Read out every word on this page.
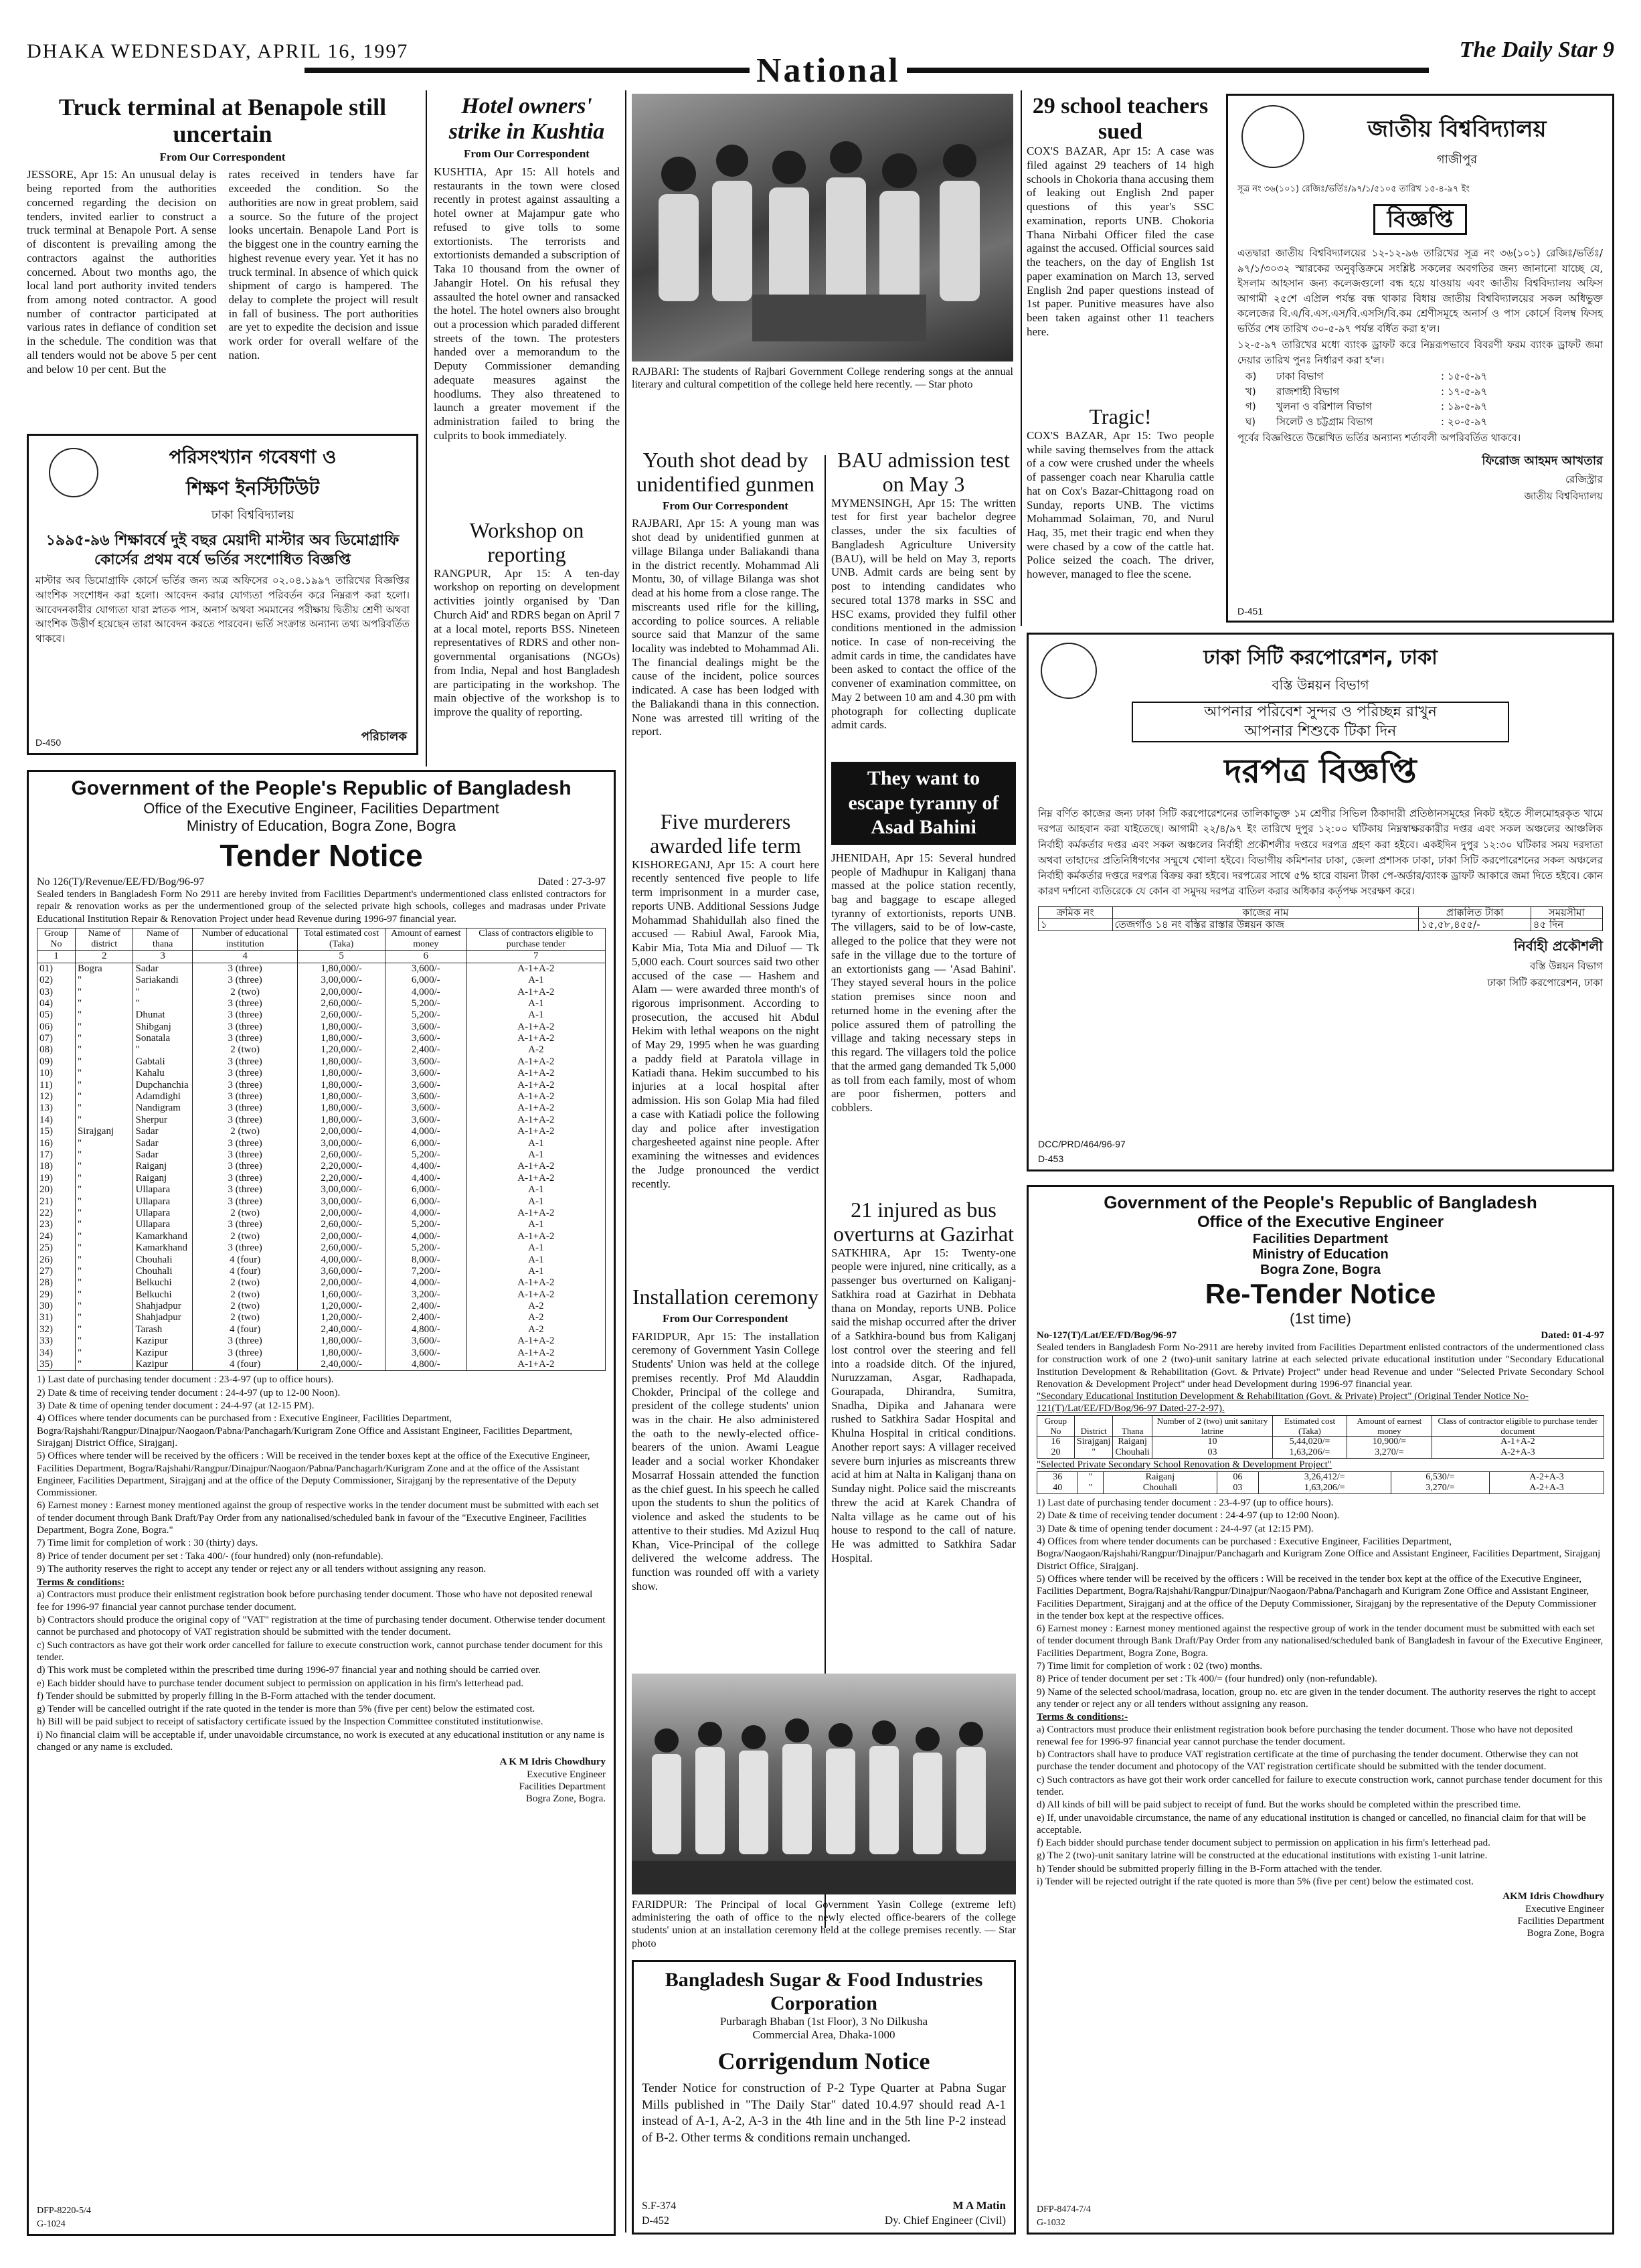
DHAKA WEDNESDAY, APRIL 16, 1997
National
The Daily Star 9
Truck terminal at Benapole still uncertain
From Our Correspondent
JESSORE, Apr 15: An unusual delay is being reported from the authorities concerned regarding the decision on tenders, invited earlier to construct a truck terminal at Benapole Port. A sense of discontent is prevailing among the contractors against the authorities concerned. About two months ago, the local land port authority invited tenders from among noted contractor. A good number of contractor participated at various rates in defiance of condition set in the schedule. The condition was that all tenders would not be above 5 per cent and below 10 per cent. But the
rates received in tenders have far exceeded the condition. So the authorities are now in great problem, said a source. So the future of the project looks uncertain. Benapole Land Port is the biggest one in the country earning the highest revenue every year. Yet it has no truck terminal. In absence of which quick shipment of cargo is hampered. The delay to complete the project will result in fall of business. The port authorities are yet to expedite the decision and issue work order for overall welfare of the nation.
Hotel owners' strike in Kushtia
From Our Correspondent
KUSHTIA, Apr 15: All hotels and restaurants in the town were closed recently in protest against assaulting a hotel owner at Majampur gate who refused to give tolls to some extortionists. The terrorists and extortionists demanded a subscription of Taka 10 thousand from the owner of Jahangir Hotel. On his refusal they assaulted the hotel owner and ransacked the hotel. The hotel owners also brought out a procession which paraded different streets of the town. The protesters handed over a memorandum to the Deputy Commissioner demanding adequate measures against the hoodlums. They also threatened to launch a greater movement if the administration failed to bring the culprits to book immediately.
Workshop on reporting
RANGPUR, Apr 15: A ten-day workshop on reporting on development activities jointly organised by 'Dan Church Aid' and RDRS began on April 7 at a local motel, reports BSS. Nineteen representatives of RDRS and other non-governmental organisations (NGOs) from India, Nepal and host Bangladesh are participating in the workshop. The main objective of the workshop is to improve the quality of reporting.
পরিসংখ্যান গবেষণা ও
শিক্ষণ ইনস্টিটিউট
ঢাকা বিশ্ববিদ্যালয়
১৯৯৫-৯৬ শিক্ষাবর্ষে দুই বছর মেয়াদী মাস্টার অব ডিমোগ্রাফি কোর্সের প্রথম বর্ষে ভর্তির সংশোধিত বিজ্ঞপ্তি
মাস্টার অব ডিমোগ্রাফি কোর্সে ভর্তির জন্য অত্র অফিসের ০২.০৪.১৯৯৭ তারিখের বিজ্ঞপ্তির আংশিক সংশোধন করা হলো। আবেদন করার যোগ্যতা পরিবর্তন করে নিম্নরূপ করা হলো। আবেদনকারীর যোগ্যতা যারা স্নাতক পাস, অনার্স অথবা সমমানের পরীক্ষায় দ্বিতীয় শ্রেণী অথবা আংশিক উত্তীর্ণ হয়েছেন তারা আবেদন করতে পারবেন। ভর্তি সংক্রান্ত অন্যান্য তথ্য অপরিবর্তিত থাকবে।
পরিচালক
D-450
RAJBARI: The students of Rajbari Government College rendering songs at the annual literary and cultural competition of the college held here recently. — Star photo
Youth shot dead by unidentified gunmen
From Our Correspondent
RAJBARI, Apr 15: A young man was shot dead by unidentified gunmen at village Bilanga under Baliakandi thana in the district recently. Mohammad Ali Montu, 30, of village Bilanga was shot dead at his home from a close range. The miscreants used rifle for the killing, according to police sources. A reliable source said that Manzur of the same locality was indebted to Mohammad Ali. The financial dealings might be the cause of the incident, police sources indicated. A case has been lodged with the Baliakandi thana in this connection. None was arrested till writing of the report.
Five murderers awarded life term
KISHOREGANJ, Apr 15: A court here recently sentenced five people to life term imprisonment in a murder case, reports UNB. Additional Sessions Judge Mohammad Shahidullah also fined the accused — Rabiul Awal, Farook Mia, Kabir Mia, Tota Mia and Diluof — Tk 5,000 each. Court sources said two other accused of the case — Hashem and Alam — were awarded three month's of rigorous imprisonment. According to prosecution, the accused hit Abdul Hekim with lethal weapons on the night of May 29, 1995 when he was guarding a paddy field at Paratola village in Katiadi thana. Hekim succumbed to his injuries at a local hospital after admission. His son Golap Mia had filed a case with Katiadi police the following day and police after investigation chargesheeted against nine people. After examining the witnesses and evidences the Judge pronounced the verdict recently.
Installation ceremony
From Our Correspondent
FARIDPUR, Apr 15: The installation ceremony of Government Yasin College Students' Union was held at the college premises recently. Prof Md Alauddin Chokder, Principal of the college and president of the college students' union was in the chair. He also administered the oath to the newly-elected office-bearers of the union. Awami League leader and a social worker Khondaker Mosarraf Hossain attended the function as the chief guest. In his speech he called upon the students to shun the politics of violence and asked the students to be attentive to their studies. Md Azizul Huq Khan, Vice-Principal of the college delivered the welcome address. The function was rounded off with a variety show.
BAU admission test on May 3
MYMENSINGH, Apr 15: The written test for first year bachelor degree classes, under the six faculties of Bangladesh Agriculture University (BAU), will be held on May 3, reports UNB. Admit cards are being sent by post to intending candidates who secured total 1378 marks in SSC and HSC exams, provided they fulfil other conditions mentioned in the admission notice. In case of non-receiving the admit cards in time, the candidates have been asked to contact the office of the convener of examination committee, on May 2 between 10 am and 4.30 pm with photograph for collecting duplicate admit cards.
They want to escape tyranny of Asad Bahini
JHENIDAH, Apr 15: Several hundred people of Madhupur in Kaliganj thana massed at the police station recently, bag and baggage to escape alleged tyranny of extortionists, reports UNB. The villagers, said to be of low-caste, alleged to the police that they were not safe in the village due to the torture of an extortionists gang — 'Asad Bahini'. They stayed several hours in the police station premises since noon and returned home in the evening after the police assured them of patrolling the village and taking necessary steps in this regard. The villagers told the police that the armed gang demanded Tk 5,000 as toll from each family, most of whom are poor fishermen, potters and cobblers.
21 injured as bus overturns at Gazirhat
SATKHIRA, Apr 15: Twenty-one people were injured, nine critically, as a passenger bus overturned on Kaliganj-Satkhira road at Gazirhat in Debhata thana on Monday, reports UNB. Police said the mishap occurred after the driver of a Satkhira-bound bus from Kaliganj lost control over the steering and fell into a roadside ditch. Of the injured, Nuruzzaman, Asgar, Radhapada, Gourapada, Dhirandra, Sumitra, Snadha, Dipika and Jahanara were rushed to Satkhira Sadar Hospital and Khulna Hospital in critical conditions. Another report says: A villager received severe burn injuries as miscreants threw acid at him at Nalta in Kaliganj thana on Sunday night. Police said the miscreants threw the acid at Karek Chandra of Nalta village as he came out of his house to respond to the call of nature. He was admitted to Satkhira Sadar Hospital.
FARIDPUR: The Principal of local Government Yasin College (extreme left) administering the oath of office to the newly elected office-bearers of the college students' union at an installation ceremony held at the college premises recently. — Star photo
Bangladesh Sugar & Food Industries Corporation
Purbaragh Bhaban (1st Floor), 3 No Dilkusha
Commercial Area, Dhaka-1000
Corrigendum Notice
Tender Notice for construction of P-2 Type Quarter at Pabna Sugar Mills published in "The Daily Star" dated 10.4.97 should read A-1 instead of A-1, A-2, A-3 in the 4th line and in the 5th line P-2 instead of B-2. Other terms & conditions remain unchanged.
S.F-374
D-452
M A Matin
Dy. Chief Engineer (Civil)
29 school teachers sued
COX'S BAZAR, Apr 15: A case was filed against 29 teachers of 14 high schools in Chokoria thana accusing them of leaking out English 2nd paper questions of this year's SSC examination, reports UNB. Chokoria Thana Nirbahi Officer filed the case against the accused. Official sources said the teachers, on the day of English 1st paper examination on March 13, served English 2nd paper questions instead of 1st paper. Punitive measures have also been taken against other 11 teachers here.
Tragic!
COX'S BAZAR, Apr 15: Two people while saving themselves from the attack of a cow were crushed under the wheels of passenger coach near Kharulia cattle hat on Cox's Bazar-Chittagong road on Sunday, reports UNB. The victims Mohammad Solaiman, 70, and Nurul Haq, 35, met their tragic end when they were chased by a cow of the cattle hat. Police seized the coach. The driver, however, managed to flee the scene.
জাতীয় বিশ্ববিদ্যালয়
গাজীপুর
সূত্র নং ৩৬(১০১) রেজিঃ/ভর্তিঃ/৯৭/১/৫১০৫ তারিখ ১৫-৪-৯৭ ইং
বিজ্ঞপ্তি
এতদ্বারা জাতীয় বিশ্ববিদ্যালয়ের ১২-১২-৯৬ তারিখের সূত্র নং ৩৬(১০১) রেজিঃ/ভর্তিঃ/৯৭/১/৩০৩২ স্মারকের অনুবৃত্তিক্রমে সংশ্লিষ্ট সকলের অবগতির জন্য জানানো যাচ্ছে যে, ইসলাম আহসান জন্য কলেজগুলো বন্ধ হয়ে যাওয়ায় এবং জাতীয় বিশ্ববিদ্যালয় অফিস আগামী ২৫শে এপ্রিল পর্যন্ত বন্ধ থাকার বিধায় জাতীয় বিশ্ববিদ্যালয়ের সকল অধিভুক্ত কলেজের বি.এ/বি.এস.এস/বি.এসসি/বি.কম শ্রেণীসমূহে অনার্স ও পাস কোর্সে বিলম্ব ফিসহ ভর্তির শেষ তারিখ ৩০-৫-৯৭ পর্যন্ত বর্ধিত করা হ'ল।
১২-৫-৯৭ তারিখের মধ্যে ব্যাংক ড্রাফট করে নিম্নরূপভাবে বিবরণী ফরম ব্যাংক ড্রাফট জমা দেয়ার তারিখ পুনঃ নির্ধারণ করা হ'ল।
ক)	ঢাকা বিভাগ	: ১৫-৫-৯৭
খ)	রাজশাহী বিভাগ	: ১৭-৫-৯৭
গ)	খুলনা ও বরিশাল বিভাগ	: ১৯-৫-৯৭
ঘ)	সিলেট ও চট্টগ্রাম বিভাগ	: ২০-৫-৯৭
পূর্বের বিজ্ঞপ্তিতে উল্লেখিত ভর্তির অন্যান্য শর্তাবলী অপরিবর্তিত থাকবে।
ফিরোজ আহমদ আখতার
রেজিস্ট্রার
জাতীয় বিশ্ববিদ্যালয়
D-451
ঢাকা সিটি করপোরেশন, ঢাকা
বস্তি উন্নয়ন বিভাগ
আপনার পরিবেশ সুন্দর ও পরিচ্ছন্ন রাখুন
আপনার শিশুকে টিকা দিন
দরপত্র বিজ্ঞপ্তি
নিম্ন বর্ণিত কাজের জন্য ঢাকা সিটি করপোরেশনের তালিকাভুক্ত ১ম শ্রেণীর সিভিল ঠিকাদারী প্রতিষ্ঠানসমূহের নিকট হইতে সীলমোহরকৃত খামে দরপত্র আহবান করা যাইতেছে। আগামী ২২/৪/৯৭ ইং তারিখে দুপুর ১২:০০ ঘটিকায় নিম্নস্বাক্ষরকারীর দপ্তর এবং সকল অঞ্চলের আঞ্চলিক নির্বাহী কর্মকর্তার দপ্তর এবং সকল অঞ্চলের নির্বাহী প্রকৌশলীর দপ্তরে দরপত্র গ্রহণ করা হইবে। একইদিন দুপুর ১২:৩০ ঘটিকার সময় দরদাতা অথবা তাহাদের প্রতিনিধিগণের সম্মুখে খোলা হইবে। বিভাগীয় কমিশনার ঢাকা, জেলা প্রশাসক ঢাকা, ঢাকা সিটি করপোরেশনের সকল অঞ্চলের নির্বাহী কর্মকর্তার দপ্তরে দরপত্র বিক্রয় করা হইবে। দরপত্রের সাথে ৫% হারে বায়না টাকা পে-অর্ডার/ব্যাংক ড্রাফট আকারে জমা দিতে হইবে। কোন কারণ দর্শানো ব্যতিরেকে যে কোন বা সমুদয় দরপত্র বাতিল করার অধিকার কর্তৃপক্ষ সংরক্ষণ করে।
ক্রমিক নং	কাজের নাম	প্রাক্কলিত টাকা	সময়সীমা
১	তেজগাঁও ১৪ নং বস্তির রাস্তার উন্নয়ন কাজ	১৫,৫৮,৪৫৫/-	৪৫ দিন
নির্বাহী প্রকৌশলী
বস্তি উন্নয়ন বিভাগ
ঢাকা সিটি করপোরেশন, ঢাকা
DCC/PRD/464/96-97
D-453
Government of the People's Republic of Bangladesh
Office of the Executive Engineer, Facilities Department
Ministry of Education, Bogra Zone, Bogra
Tender Notice
No 126(T)/Revenue/EE/FD/Bog/96-97	Dated : 27-3-97
Sealed tenders in Bangladesh Form No 2911 are hereby invited from Facilities Department's undermentioned class enlisted contractors for repair & renovation works as per the undermentioned group of the selected private high schools, colleges and madrasas under Private Educational Institution Repair & Renovation Project under head Revenue during 1996-97 financial year.
Group No	Name of district	Name of thana	Number of educational institution	Total estimated cost (Taka)	Amount of earnest money	Class of contractors eligible to purchase tender
1	2	3	4	5	6	7
01)	Bogra	Sadar	3 (three)	1,80,000/-	3,600/-	A-1+A-2
02)	"	Sariakandi	3 (three)	3,00,000/-	6,000/-	A-1
03)	"	"	2 (two)	2,00,000/-	4,000/-	A-1+A-2
04)	"	"	3 (three)	2,60,000/-	5,200/-	A-1
05)	"	Dhunat	3 (three)	2,60,000/-	5,200/-	A-1
06)	"	Shibganj	3 (three)	1,80,000/-	3,600/-	A-1+A-2
07)	"	Sonatala	3 (three)	1,80,000/-	3,600/-	A-1+A-2
08)	"	"	2 (two)	1,20,000/-	2,400/-	A-2
09)	"	Gabtali	3 (three)	1,80,000/-	3,600/-	A-1+A-2
10)	"	Kahalu	3 (three)	1,80,000/-	3,600/-	A-1+A-2
11)	"	Dupchanchia	3 (three)	1,80,000/-	3,600/-	A-1+A-2
12)	"	Adamdighi	3 (three)	1,80,000/-	3,600/-	A-1+A-2
13)	"	Nandigram	3 (three)	1,80,000/-	3,600/-	A-1+A-2
14)	"	Sherpur	3 (three)	1,80,000/-	3,600/-	A-1+A-2
15)	Sirajganj	Sadar	2 (two)	2,00,000/-	4,000/-	A-1+A-2
16)	"	Sadar	3 (three)	3,00,000/-	6,000/-	A-1
17)	"	Sadar	3 (three)	2,60,000/-	5,200/-	A-1
18)	"	Raiganj	3 (three)	2,20,000/-	4,400/-	A-1+A-2
19)	"	Raiganj	3 (three)	2,20,000/-	4,400/-	A-1+A-2
20)	"	Ullapara	3 (three)	3,00,000/-	6,000/-	A-1
21)	"	Ullapara	3 (three)	3,00,000/-	6,000/-	A-1
22)	"	Ullapara	2 (two)	2,00,000/-	4,000/-	A-1+A-2
23)	"	Ullapara	3 (three)	2,60,000/-	5,200/-	A-1
24)	"	Kamarkhand	2 (two)	2,00,000/-	4,000/-	A-1+A-2
25)	"	Kamarkhand	3 (three)	2,60,000/-	5,200/-	A-1
26)	"	Chouhali	4 (four)	4,00,000/-	8,000/-	A-1
27)	"	Chouhali	4 (four)	3,60,000/-	7,200/-	A-1
28)	"	Belkuchi	2 (two)	2,00,000/-	4,000/-	A-1+A-2
29)	"	Belkuchi	2 (two)	1,60,000/-	3,200/-	A-1+A-2
30)	"	Shahjadpur	2 (two)	1,20,000/-	2,400/-	A-2
31)	"	Shahjadpur	2 (two)	1,20,000/-	2,400/-	A-2
32)	"	Tarash	4 (four)	2,40,000/-	4,800/-	A-2
33)	"	Kazipur	3 (three)	1,80,000/-	3,600/-	A-1+A-2
34)	"	Kazipur	3 (three)	1,80,000/-	3,600/-	A-1+A-2
35)	"	Kazipur	4 (four)	2,40,000/-	4,800/-	A-1+A-2

1) Last date of purchasing tender document : 23-4-97 (up to office hours).

2) Date & time of receiving tender document : 24-4-97 (up to 12-00 Noon).

3) Date & time of opening tender document : 24-4-97 (at 12-15 PM).

4) Offices where tender documents can be purchased from : Executive Engineer, Facilities Department, Bogra/Rajshahi/Rangpur/Dinajpur/Naogaon/Pabna/Panchagarh/Kurigram Zone Office and Assistant Engineer, Facilities Department, Sirajganj District Office, Sirajganj.

5) Offices where tender will be received by the officers : Will be received in the tender boxes kept at the office of the Executive Engineer, Facilities Department, Bogra/Rajshahi/Rangpur/Dinajpur/Naogaon/Pabna/Panchagarh/Kurigram Zone and at the office of the Assistant Engineer, Facilities Department, Sirajganj and at the office of the Deputy Commissioner, Sirajganj by the representative of the Deputy Commissioner.

6) Earnest money : Earnest money mentioned against the group of respective works in the tender document must be submitted with each set of tender document through Bank Draft/Pay Order from any nationalised/scheduled bank in favour of the "Executive Engineer, Facilities Department, Bogra Zone, Bogra."

7) Time limit for completion of work : 30 (thirty) days.

8) Price of tender document per set : Taka 400/- (four hundred) only (non-refundable).

9) The authority reserves the right to accept any tender or reject any or all tenders without assigning any reason.

Terms & conditions:

a) Contractors must produce their enlistment registration book before purchasing tender document. Those who have not deposited renewal fee for 1996-97 financial year cannot purchase tender document.

b) Contractors should produce the original copy of "VAT" registration at the time of purchasing tender document. Otherwise tender document cannot be purchased and photocopy of VAT registration should be submitted with the tender document.

c) Such contractors as have got their work order cancelled for failure to execute construction work, cannot purchase tender document for this tender.

d) This work must be completed within the prescribed time during 1996-97 financial year and nothing should be carried over.

e) Each bidder should have to purchase tender document subject to permission on application in his firm's letterhead pad.

f) Tender should be submitted by properly filling in the B-Form attached with the tender document.

g) Tender will be cancelled outright if the rate quoted in the tender is more than 5% (five per cent) below the estimated cost.

h) Bill will be paid subject to receipt of satisfactory certificate issued by the Inspection Committee constituted institutionwise.

i) No financial claim will be acceptable if, under unavoidable circumstance, no work is executed at any educational institution or any name is changed or any name is excluded.

A K M Idris Chowdhury
Executive Engineer
Facilities Department
Bogra Zone, Bogra.
DFP-8220-5/4
G-1024
Government of the People's Republic of Bangladesh
Office of the Executive Engineer
Facilities Department
Ministry of Education
Bogra Zone, Bogra
Re-Tender Notice
(1st time)
No-127(T)/Lat/EE/FD/Bog/96-97	Dated: 01-4-97
Sealed tenders in Bangladesh Form No-2911 are hereby invited from Facilities Department enlisted contractors of the undermentioned class for construction work of one 2 (two)-unit sanitary latrine at each selected private educational institution under "Secondary Educational Institution Development & Rehabilitation (Govt. & Private) Project" under head Revenue and under "Selected Private Secondary School Renovation & Development Project" under head Development during 1996-97 financial year.
"Secondary Educational Institution Development & Rehabilitation (Govt. & Private) Project" (Original Tender Notice No-121(T)/Lat/EE/FD/Bog/96-97 Dated-27-2-97).
Group No	District	Thana	Number of 2 (two) unit sanitary latrine	Estimated cost (Taka)	Amount of earnest money	Class of contractor eligible to purchase tender document
16	Sirajganj	Raiganj	10	5,44,020/=	10,900/=	A-1+A-2
20	"	Chouhali	03	1,63,206/=	3,270/=	A-2+A-3
"Selected Private Secondary School Renovation & Development Project"
36	"	Raiganj	06	3,26,412/=	6,530/=	A-2+A-3
40	"	Chouhali	03	1,63,206/=	3,270/=	A-2+A-3

1) Last date of purchasing tender document : 23-4-97 (up to office hours).

2) Date & time of receiving tender document : 24-4-97 (up to 12:00 Noon).

3) Date & time of opening tender document : 24-4-97 (at 12:15 PM).

4) Offices from where tender documents can be purchased : Executive Engineer, Facilities Department, Bogra/Naogaon/Rajshahi/Rangpur/Dinajpur/Panchagarh and Kurigram Zone Office and Assistant Engineer, Facilities Department, Sirajganj District Office, Sirajganj.

5) Offices where tender will be received by the officers : Will be received in the tender box kept at the office of the Executive Engineer, Facilities Department, Bogra/Rajshahi/Rangpur/Dinajpur/Naogaon/Pabna/Panchagarh and Kurigram Zone Office and Assistant Engineer, Facilities Department, Sirajganj and at the office of the Deputy Commissioner, Sirajganj by the representative of the Deputy Commissioner in the tender box kept at the respective offices.

6) Earnest money : Earnest money mentioned against the respective group of work in the tender document must be submitted with each set of tender document through Bank Draft/Pay Order from any nationalised/scheduled bank of Bangladesh in favour of the Executive Engineer, Facilities Department, Bogra Zone, Bogra.

7) Time limit for completion of work : 02 (two) months.

8) Price of tender document per set : Tk 400/= (four hundred) only (non-refundable).

9) Name of the selected school/madrasa, location, group no. etc are given in the tender document. The authority reserves the right to accept any tender or reject any or all tenders without assigning any reason.

Terms & conditions:-

a) Contractors must produce their enlistment registration book before purchasing the tender document. Those who have not deposited renewal fee for 1996-97 financial year cannot purchase the tender document.

b) Contractors shall have to produce VAT registration certificate at the time of purchasing the tender document. Otherwise they can not purchase the tender document and photocopy of the VAT registration certificate should be submitted with the tender document.

c) Such contractors as have got their work order cancelled for failure to execute construction work, cannot purchase tender document for this tender.

d) All kinds of bill will be paid subject to receipt of fund. But the works should be completed within the prescribed time.

e) If, under unavoidable circumstance, the name of any educational institution is changed or cancelled, no financial claim for that will be acceptable.

f) Each bidder should purchase tender document subject to permission on application in his firm's letterhead pad.

g) The 2 (two)-unit sanitary latrine will be constructed at the educational institutions with existing 1-unit latrine.

h) Tender should be submitted properly filling in the B-Form attached with the tender.

i) Tender will be rejected outright if the rate quoted is more than 5% (five per cent) below the estimated cost.

AKM Idris Chowdhury
Executive Engineer
Facilities Department
Bogra Zone, Bogra
DFP-8474-7/4
G-1032
